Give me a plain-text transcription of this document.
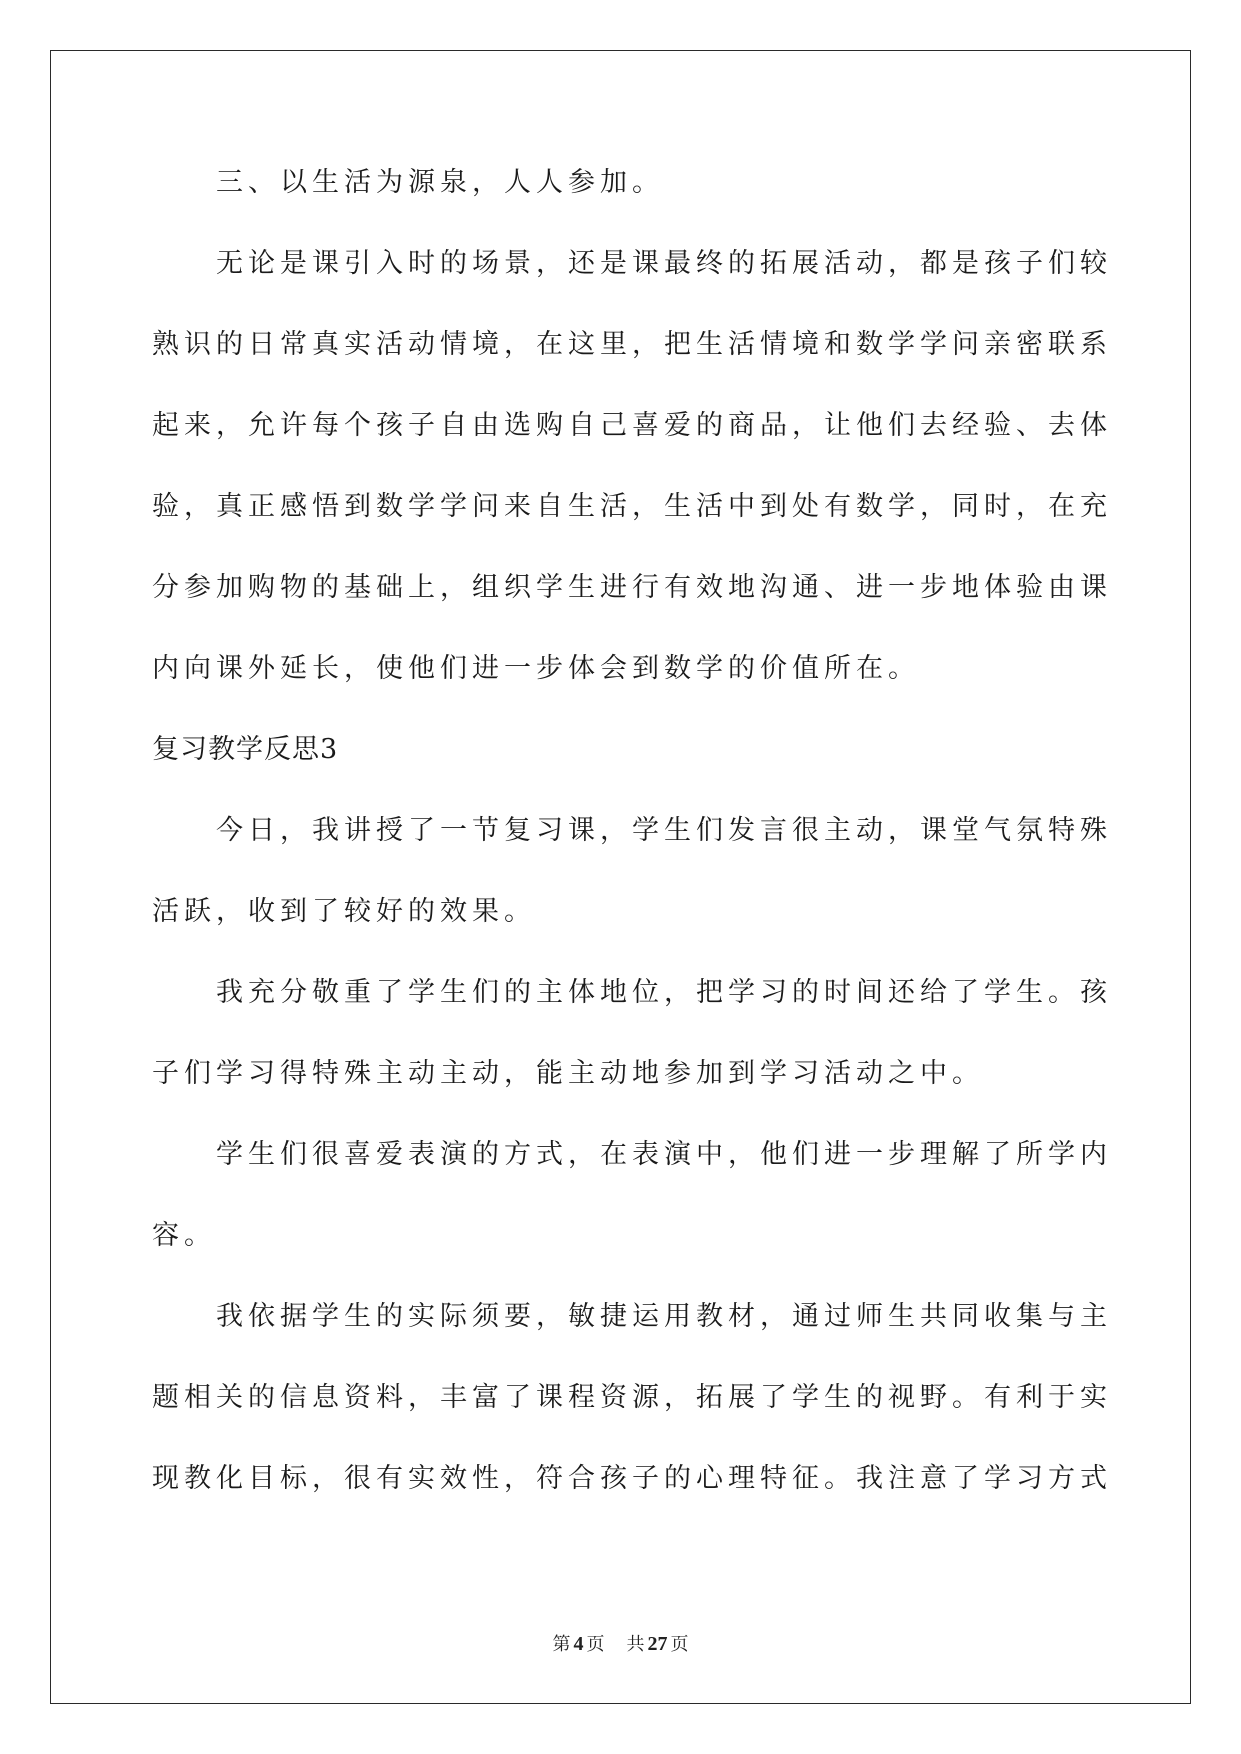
三、以生活为源泉，人人参加。
无论是课引入时的场景，还是课最终的拓展活动，都是孩子们较
熟识的日常真实活动情境，在这里，把生活情境和数学学问亲密联系
起来，允许每个孩子自由选购自己喜爱的商品，让他们去经验、去体
验，真正感悟到数学学问来自生活，生活中到处有数学，同时，在充
分参加购物的基础上，组织学生进行有效地沟通、进一步地体验由课
内向课外延长，使他们进一步体会到数学的价值所在。
复习教学反思3
今日，我讲授了一节复习课，学生们发言很主动，课堂气氛特殊
活跃，收到了较好的效果。
我充分敬重了学生们的主体地位，把学习的时间还给了学生。孩
子们学习得特殊主动主动，能主动地参加到学习活动之中。
学生们很喜爱表演的方式，在表演中，他们进一步理解了所学内
容。
我依据学生的实际须要，敏捷运用教材，通过师生共同收集与主
题相关的信息资料，丰富了课程资源，拓展了学生的视野。有利于实
现教化目标，很有实效性，符合孩子的心理特征。我注意了学习方式
第 4 页 共 27 页
